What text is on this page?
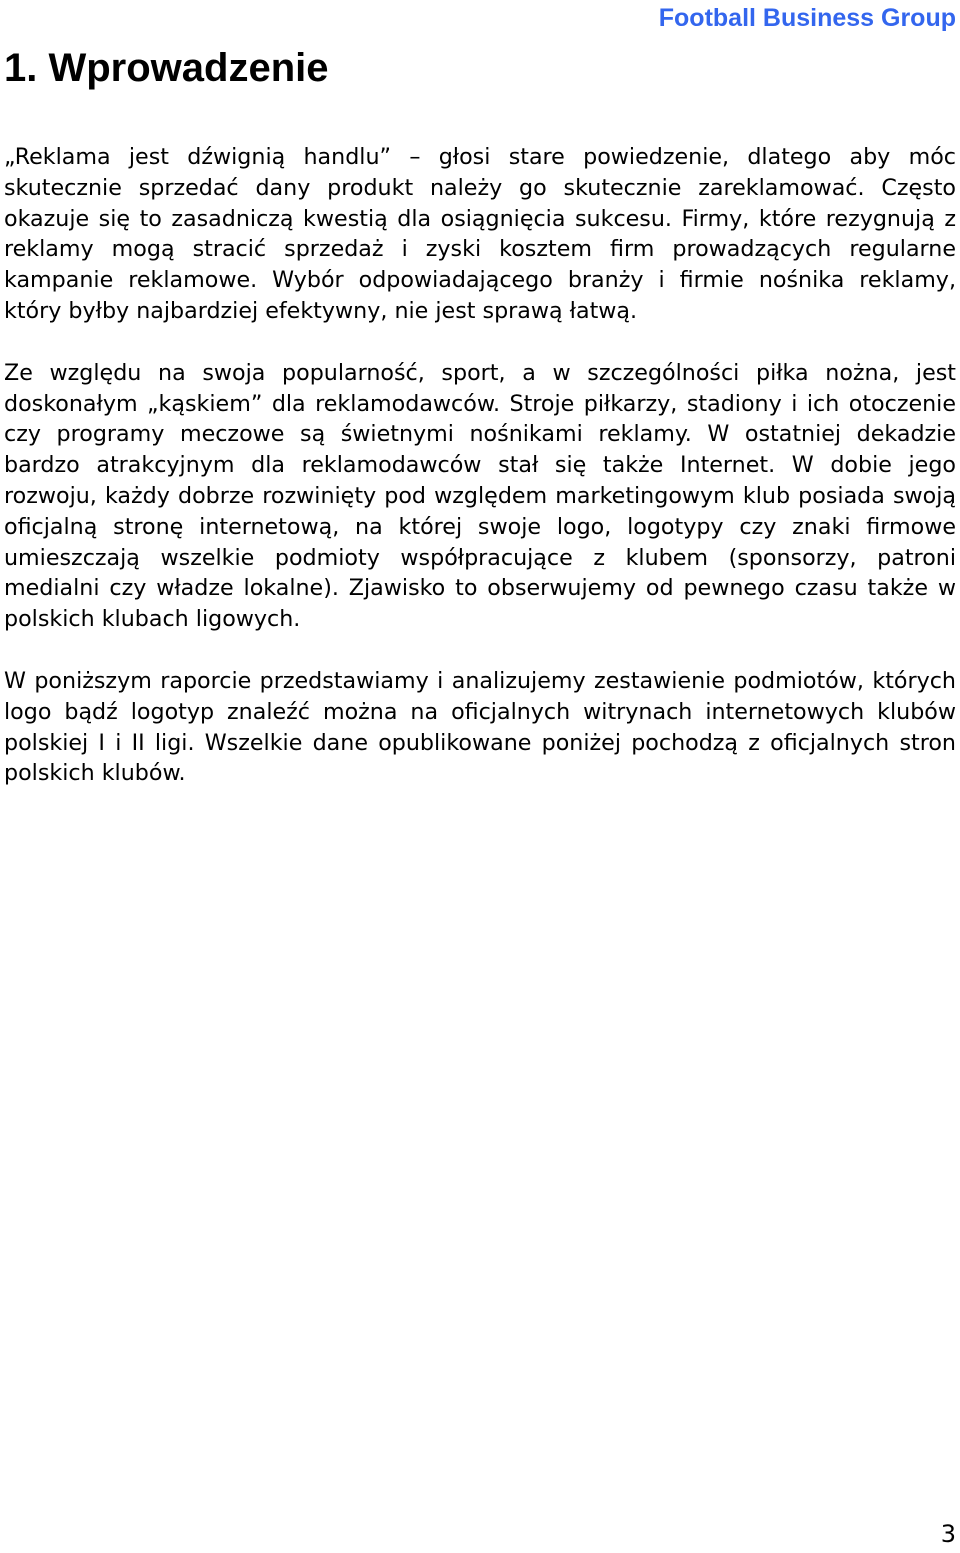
Football Business Group
1. Wprowadzenie

„Reklama jest dźwignią handlu” – głosi stare powiedzenie, dlatego aby móc skutecznie sprzedać dany produkt należy go skutecznie zareklamować. Często okazuje się to zasadniczą kwestią dla osiągnięcia sukcesu. Firmy, które rezygnują z reklamy mogą stracić sprzedaż i zyski kosztem firm prowadzących regularne kampanie reklamowe. Wybór odpowiadającego branży i firmie nośnika reklamy, który byłby najbardziej efektywny, nie jest sprawą łatwą.

Ze względu na swoja popularność, sport, a w szczególności piłka nożna, jest doskonałym „kąskiem” dla reklamodawców. Stroje piłkarzy, stadiony i ich otoczenie czy programy meczowe są świetnymi nośnikami reklamy. W ostatniej dekadzie bardzo atrakcyjnym dla reklamodawców stał się także Internet. W dobie jego rozwoju, każdy dobrze rozwinięty pod względem marketingowym klub posiada swoją oficjalną stronę internetową, na której swoje logo, logotypy czy znaki firmowe umieszczają wszelkie podmioty współpracujące z klubem (sponsorzy, patroni medialni czy władze lokalne). Zjawisko to obserwujemy od pewnego czasu także w polskich klubach ligowych.

W poniższym raporcie przedstawiamy i analizujemy zestawienie podmiotów, których logo bądź logotyp znaleźć można na oficjalnych witrynach internetowych klubów polskiej I i II ligi. Wszelkie dane opublikowane poniżej pochodzą z oficjalnych stron polskich klubów.

3
